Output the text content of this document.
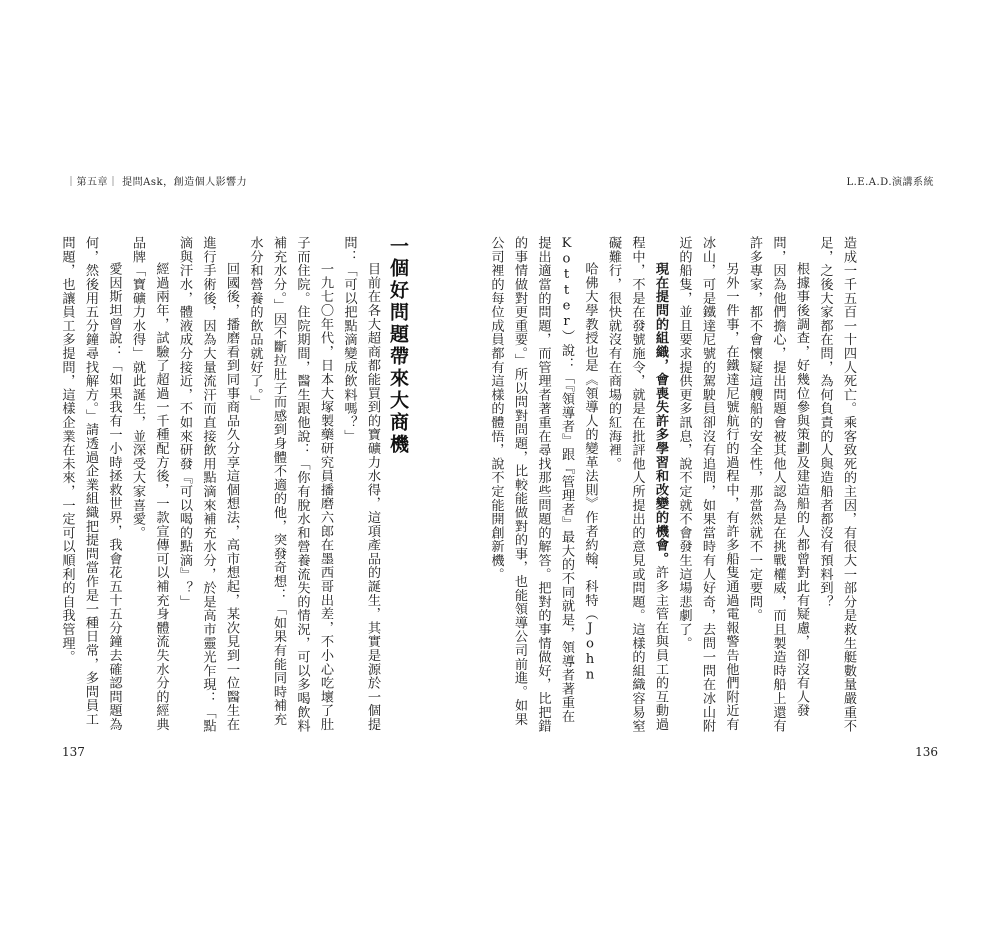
｜第五章｜ 提問Ask，創造個人影響力

一個好問題帶來大商機

目前在各大超商都能買到的寶礦力水得，這項產品的誕生，其實是源於一個提問：「可以把點滴變成飲料嗎？」

一九七〇年代，日本大塚製藥研究員播磨六郎在墨西哥出差，不小心吃壞了肚子而住院。住院期間，醫生跟他說：「你有脫水和營養流失的情況，可以多喝飲料補充水分。」因不斷拉肚子而感到身體不適的他，突發奇想：「如果有能同時補充水分和營養的飲品就好了。」

回國後，播磨看到同事商品久分享這個想法，高市想起，某次見到一位醫生在進行手術後，因為大量流汗而直接飲用點滴來補充水分，於是高市靈光乍現：「點滴與汗水，體液成分接近，不如來研發『可以喝的點滴』？」

經過兩年，試驗了超過一千種配方後，一款宣傳可以補充身體流失水分的經典品牌「寶礦力水得」就此誕生，並深受大家喜愛。

愛因斯坦曾說：「如果我有一小時拯救世界，我會花五十五分鐘去確認問題為何，然後用五分鐘尋找解方。」請透過企業組織把提問當作是一種日常，多問員工問題，也讓員工多提問，這樣企業在未來，一定可以順利的自我管理。

137
L.E.A.D.演講系統

造成一千五百一十四人死亡。乘客致死的主因，有很大一部分是救生艇數量嚴重不足，之後大家都在問，為何負責的人與造船者都沒有預料到？

根據事後調查，好幾位參與策劃及建造船的人都曾對此有疑慮，卻沒有人發問，因為他們擔心，提出問題會被其他人認為是在挑戰權威，而且製造時船上還有許多專家，都不會懷疑這艘船的安全性，那當然就不一定要問。

另外一件事，在鐵達尼號航行的過程中，有許多船隻通過電報警告他們附近有冰山，可是鐵達尼號的駕駛員卻沒有追問，如果當時有人好奇，去問一問在冰山附近的船隻，並且要求提供更多訊息，說不定就不會發生這場悲劇了。

現在提問的組織，會喪失許多學習和改變的機會。許多主管在與員工的互動過程中，不是在發號施令，就是在批評他人所提出的意見或問題。這樣的組織容易窒礙難行，很快就沒有在商場的紅海裡。

哈佛大學教授也是《領導人的變革法則》作者約翰．科特（John Kotter）說：「『領導者』跟『管理者』最大的不同就是，領導者著重在提出適當的問題，而管理者著重在尋找那些問題的解答。把對的事情做好，比把錯的事情做對更重要。」所以問對問題，比較能做對的事，也能領導公司前進。如果公司裡的每位成員都有這樣的體悟，說不定能開創新機。

136
